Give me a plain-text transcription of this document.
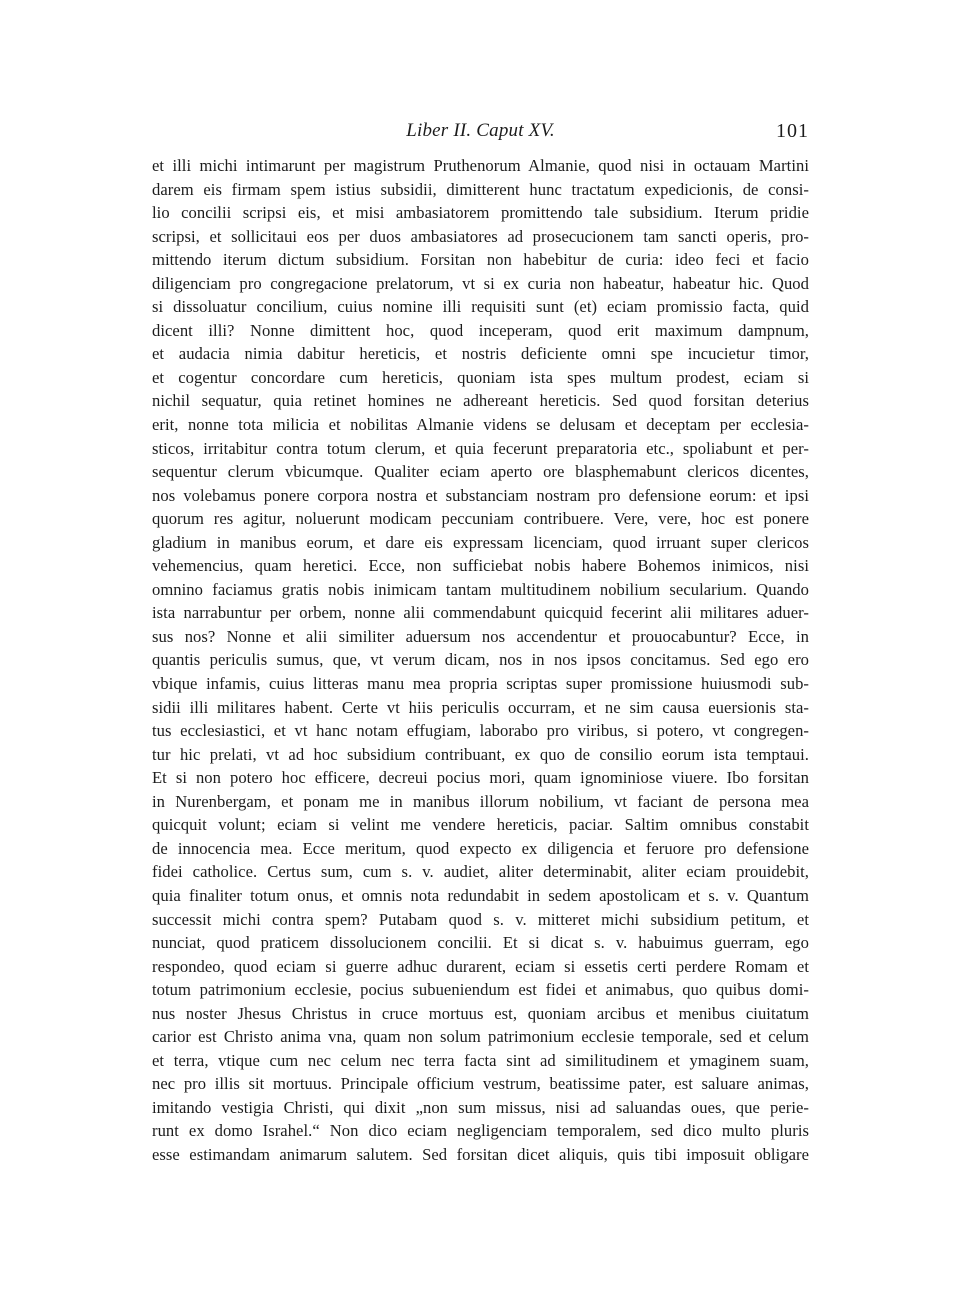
Liber II. Caput XV.	101
et illi michi intimarunt per magistrum Pruthenorum Almanie, quod nisi in octauam Martini
darem eis firmam spem istius subsidii, dimitterent hunc tractatum expedicionis, de consi-
lio concilii scripsi eis, et misi ambasiatorem promittendo tale subsidium. Iterum pridie
scripsi, et sollicitaui eos per duos ambasiatores ad prosecucionem tam sancti operis, pro-
mittendo iterum dictum subsidium. Forsitan non habebitur de curia: ideo feci et facio
diligenciam pro congregacione prelatorum, vt si ex curia non habeatur, habeatur hic. Quod
si dissoluatur concilium, cuius nomine illi requisiti sunt (et) eciam promissio facta, quid
dicent illi? Nonne dimittent hoc, quod inceperam, quod erit maximum dampnum,
et audacia nimia dabitur hereticis, et nostris deficiente omni spe incucietur timor,
et cogentur concordare cum hereticis, quoniam ista spes multum prodest, eciam si
nichil sequatur, quia retinet homines ne adhereant hereticis. Sed quod forsitan deterius
erit, nonne tota milicia et nobilitas Almanie videns se delusam et deceptam per ecclesia-
sticos, irritabitur contra totum clerum, et quia fecerunt preparatoria etc., spoliabunt et per-
sequentur clerum vbicumque. Qualiter eciam aperto ore blasphemabunt clericos dicentes,
nos volebamus ponere corpora nostra et substanciam nostram pro defensione eorum: et ipsi
quorum res agitur, noluerunt modicam peccuniam contribuere. Vere, vere, hoc est ponere
gladium in manibus eorum, et dare eis expressam licenciam, quod irruant super clericos
vehemencius, quam heretici. Ecce, non sufficiebat nobis habere Bohemos inimicos, nisi
omnino faciamus gratis nobis inimicam tantam multitudinem nobilium secularium. Quando
ista narrabuntur per orbem, nonne alii commendabunt quicquid fecerint alii militares aduer-
sus nos? Nonne et alii similiter aduersum nos accendentur et prouocabuntur? Ecce, in
quantis periculis sumus, que, vt verum dicam, nos in nos ipsos concitamus. Sed ego ero
vbique infamis, cuius litteras manu mea propria scriptas super promissione huiusmodi sub-
sidii illi militares habent. Certe vt hiis periculis occurram, et ne sim causa euersionis sta-
tus ecclesiastici, et vt hanc notam effugiam, laborabo pro viribus, si potero, vt congregen-
tur hic prelati, vt ad hoc subsidium contribuant, ex quo de consilio eorum ista temptaui.
Et si non potero hoc efficere, decreui pocius mori, quam ignominiose viuere. Ibo forsitan
in Nurenbergam, et ponam me in manibus illorum nobilium, vt faciant de persona mea
quicquit volunt; eciam si velint me vendere hereticis, paciar. Saltim omnibus constabit
de innocencia mea. Ecce meritum, quod expecto ex diligencia et feruore pro defensione
fidei catholice. Certus sum, cum s. v. audiet, aliter determinabit, aliter eciam prouidebit,
quia finaliter totum onus, et omnis nota redundabit in sedem apostolicam et s. v. Quantum
successit michi contra spem? Putabam quod s. v. mitteret michi subsidium petitum, et
nunciat, quod praticem dissolucionem concilii. Et si dicat s. v. habuimus guerram, ego
respondeo, quod eciam si guerre adhuc durarent, eciam si essetis certi perdere Romam et
totum patrimonium ecclesie, pocius subueniendum est fidei et animabus, quo quibus domi-
nus noster Jhesus Christus in cruce mortuus est, quoniam arcibus et menibus ciuitatum
carior est Christo anima vna, quam non solum patrimonium ecclesie temporale, sed et celum
et terra, vtique cum nec celum nec terra facta sint ad similitudinem et ymaginem suam,
nec pro illis sit mortuus. Principale officium vestrum, beatissime pater, est saluare animas,
imitando vestigia Christi, qui dixit „non sum missus, nisi ad saluandas oues, que perie-
runt ex domo Israhel.“ Non dico eciam negligenciam temporalem, sed dico multo pluris
esse estimandam animarum salutem. Sed forsitan dicet aliquis, quis tibi imposuit obligare
